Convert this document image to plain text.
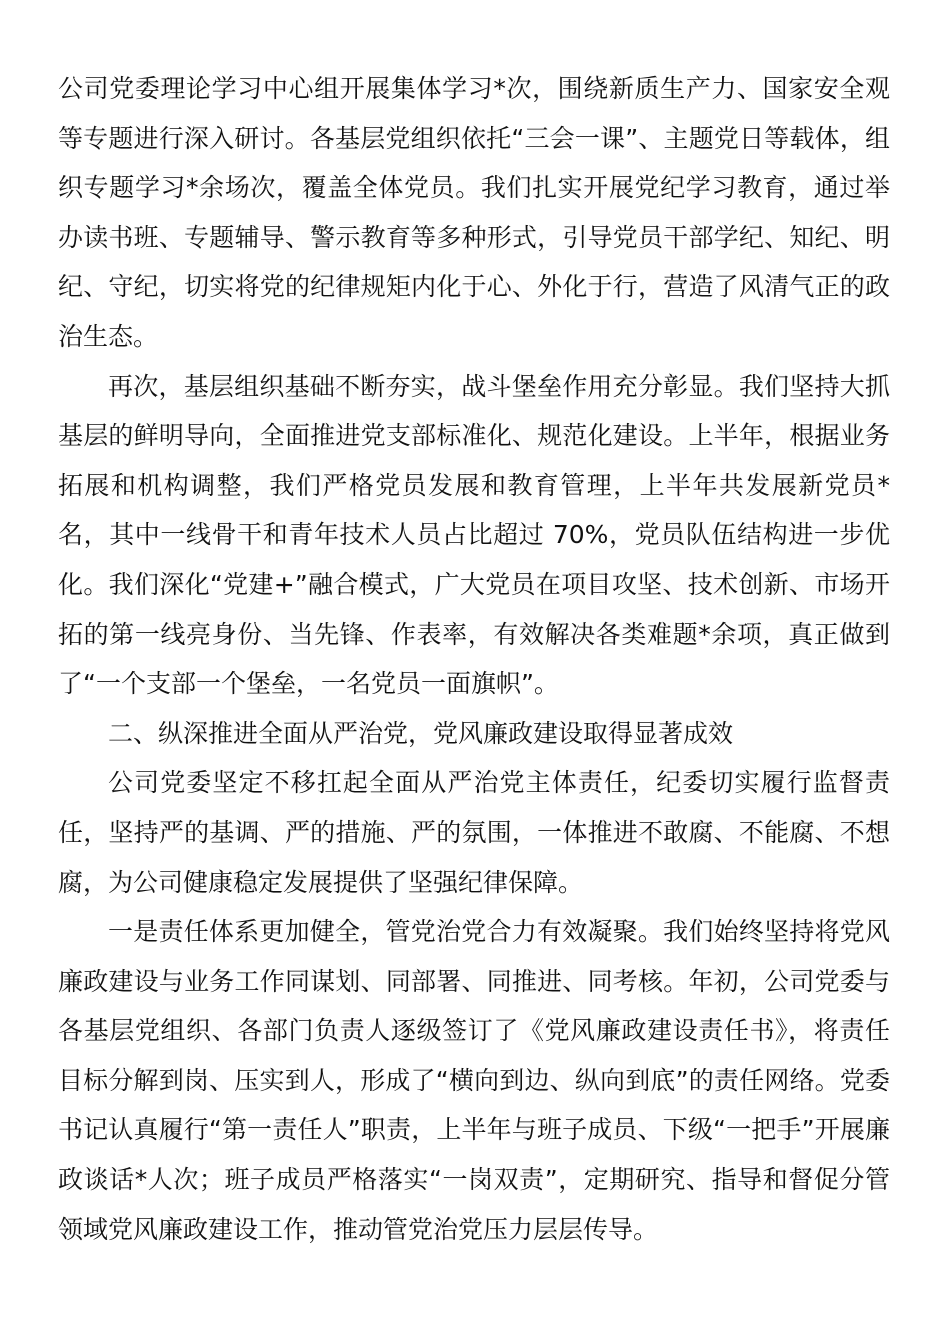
公司党委理论学习中心组开展集体学习*次，围绕新质生产力、国家安全观等专题进行深入研讨。各基层党组织依托“三会一课”、主题党日等载体，组织专题学习*余场次，覆盖全体党员。我们扎实开展党纪学习教育，通过举办读书班、专题辅导、警示教育等多种形式，引导党员干部学纪、知纪、明纪、守纪，切实将党的纪律规矩内化于心、外化于行，营造了风清气正的政治生态。

再次，基层组织基础不断夯实，战斗堡垒作用充分彰显。我们坚持大抓基层的鲜明导向，全面推进党支部标准化、规范化建设。上半年，根据业务拓展和机构调整，我们严格党员发展和教育管理，上半年共发展新党员*名，其中一线骨干和青年技术人员占比超过 70%，党员队伍结构进一步优化。我们深化“党建+”融合模式，广大党员在项目攻坚、技术创新、市场开拓的第一线亮身份、当先锋、作表率，有效解决各类难题*余项，真正做到了“一个支部一个堡垒，一名党员一面旗帜”。

二、纵深推进全面从严治党，党风廉政建设取得显著成效

公司党委坚定不移扛起全面从严治党主体责任，纪委切实履行监督责任，坚持严的基调、严的措施、严的氛围，一体推进不敢腐、不能腐、不想腐，为公司健康稳定发展提供了坚强纪律保障。

一是责任体系更加健全，管党治党合力有效凝聚。我们始终坚持将党风廉政建设与业务工作同谋划、同部署、同推进、同考核。年初，公司党委与各基层党组织、各部门负责人逐级签订了《党风廉政建设责任书》，将责任目标分解到岗、压实到人，形成了“横向到边、纵向到底”的责任网络。党委书记认真履行“第一责任人”职责，上半年与班子成员、下级“一把手”开展廉政谈话*人次；班子成员严格落实“一岗双责”，定期研究、指导和督促分管领域党风廉政建设工作，推动管党治党压力层层传导。
